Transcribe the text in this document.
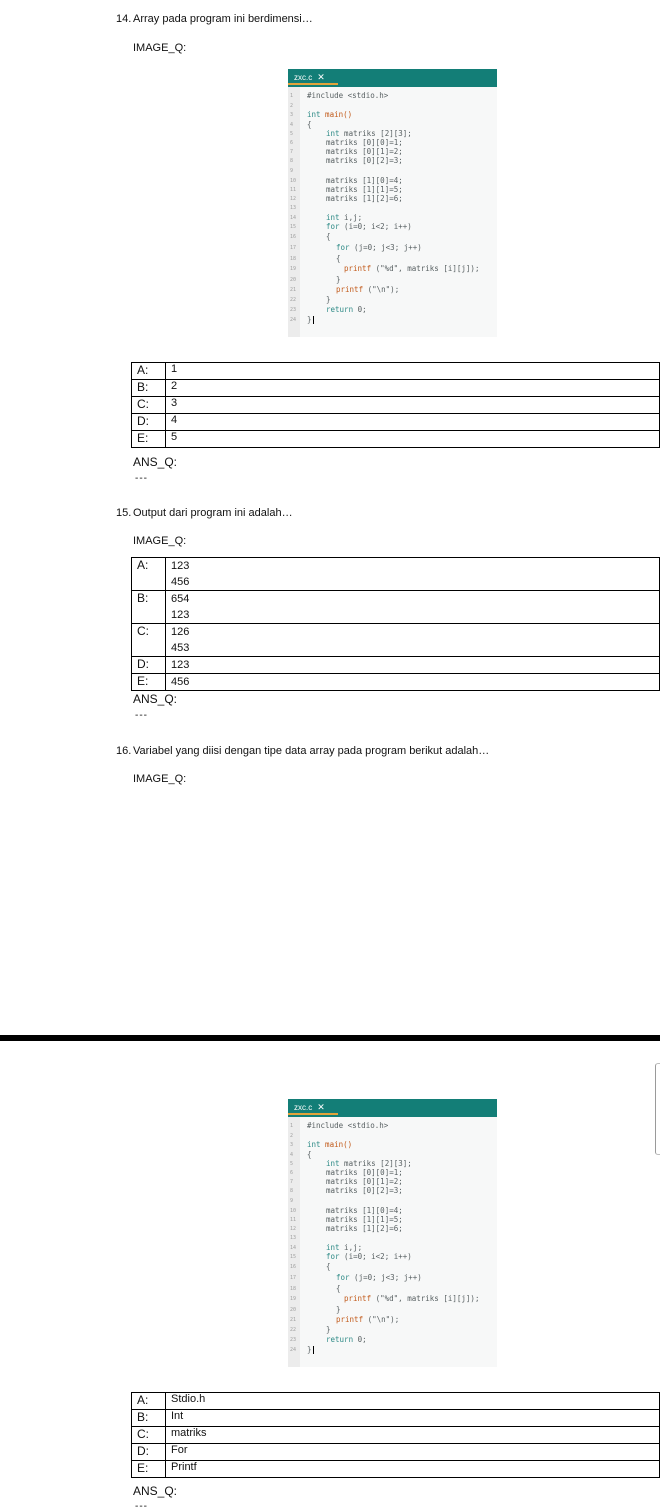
14. Array pada program ini berdimensi…
IMAGE_Q:
zxc.c ✕
1
2
3
4
5
6
7
8
9
10
11
12
13
14
15
16
17
18
19
20
21
22
23
24
#include <stdio.h>
int main()
{
int matriks [2][3];
matriks [0][0]=1;
matriks [0][1]=2;
matriks [0][2]=3;
matriks [1][0]=4;
matriks [1][1]=5;
matriks [1][2]=6;
int i,j;
for (i=0; i<2; i++)
{
for (j=0; j<3; j++)
{
printf ("%d", matriks [i][j]);
}
printf ("\n");
}
return 0;
}
A:	1
B:	2
C:	3
D:	4
E:	5
ANS_Q:
---
15. Output dari program ini adalah…
IMAGE_Q:
A:	123
456

B:	654
123

C:	126
453

D:	123

E:	456
ANS_Q:
---
16. Variabel yang diisi dengan tipe data array pada program berikut adalah…
IMAGE_Q:
zxc.c ✕
1
2
3
4
5
6
7
8
9
10
11
12
13
14
15
16
17
18
19
20
21
22
23
24
#include <stdio.h>
int main()
{
int matriks [2][3];
matriks [0][0]=1;
matriks [0][1]=2;
matriks [0][2]=3;
matriks [1][0]=4;
matriks [1][1]=5;
matriks [1][2]=6;
int i,j;
for (i=0; i<2; i++)
{
for (j=0; j<3; j++)
{
printf ("%d", matriks [i][j]);
}
printf ("\n");
}
return 0;
}
A:	Stdio.h
B:	Int
C:	matriks
D:	For
E:	Printf
ANS_Q:
---
